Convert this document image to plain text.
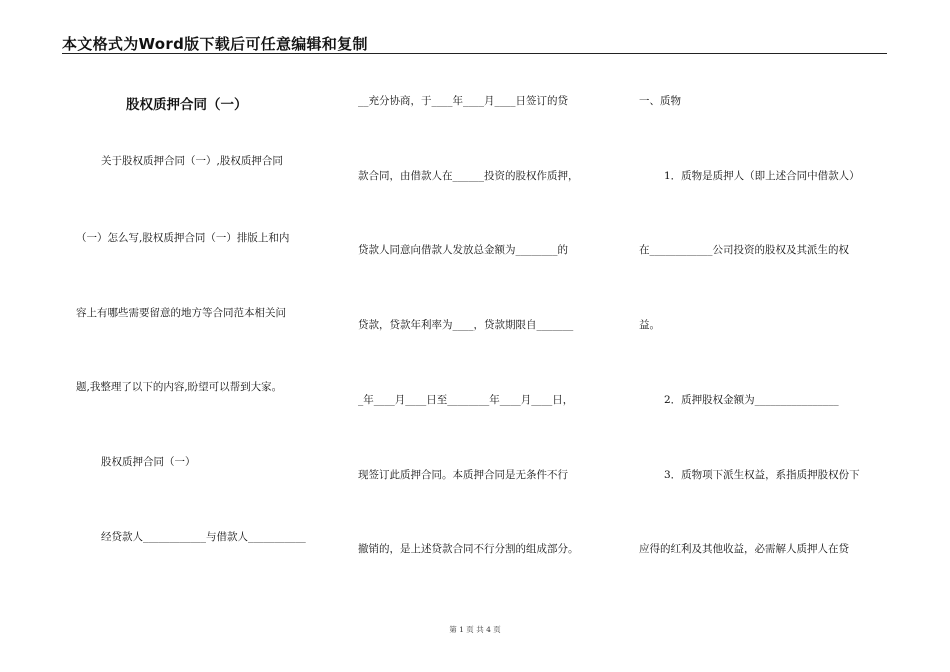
本文格式为Word版下载后可任意编辑和复制
股权质押合同（一）
关于股权质押合同（一）,股权质押合同
（一）怎么写,股权质押合同（一）排版上和内
容上有哪些需要留意的地方等合同范本相关问
题,我整理了以下的内容,盼望可以帮到大家。
股权质押合同（一）
经贷款人____________与借款人___________
__充分协商，于____年____月____日签订的贷
款合同，由借款人在______投资的股权作质押，
贷款人同意向借款人发放总金额为________的
贷款，贷款年利率为____，贷款期限自_______
_年____月____日至________年____月____日，
现签订此质押合同。本质押合同是无条件不行
撤销的，是上述贷款合同不行分割的组成部分。
一、质物
1．质物是质押人（即上述合同中借款人）
在____________公司投资的股权及其派生的权
益。
2．质押股权金额为________________
3．质物项下派生权益，系指质押股权份下
应得的红利及其他收益，必需解人质押人在贷
第 1 页 共 4 页
